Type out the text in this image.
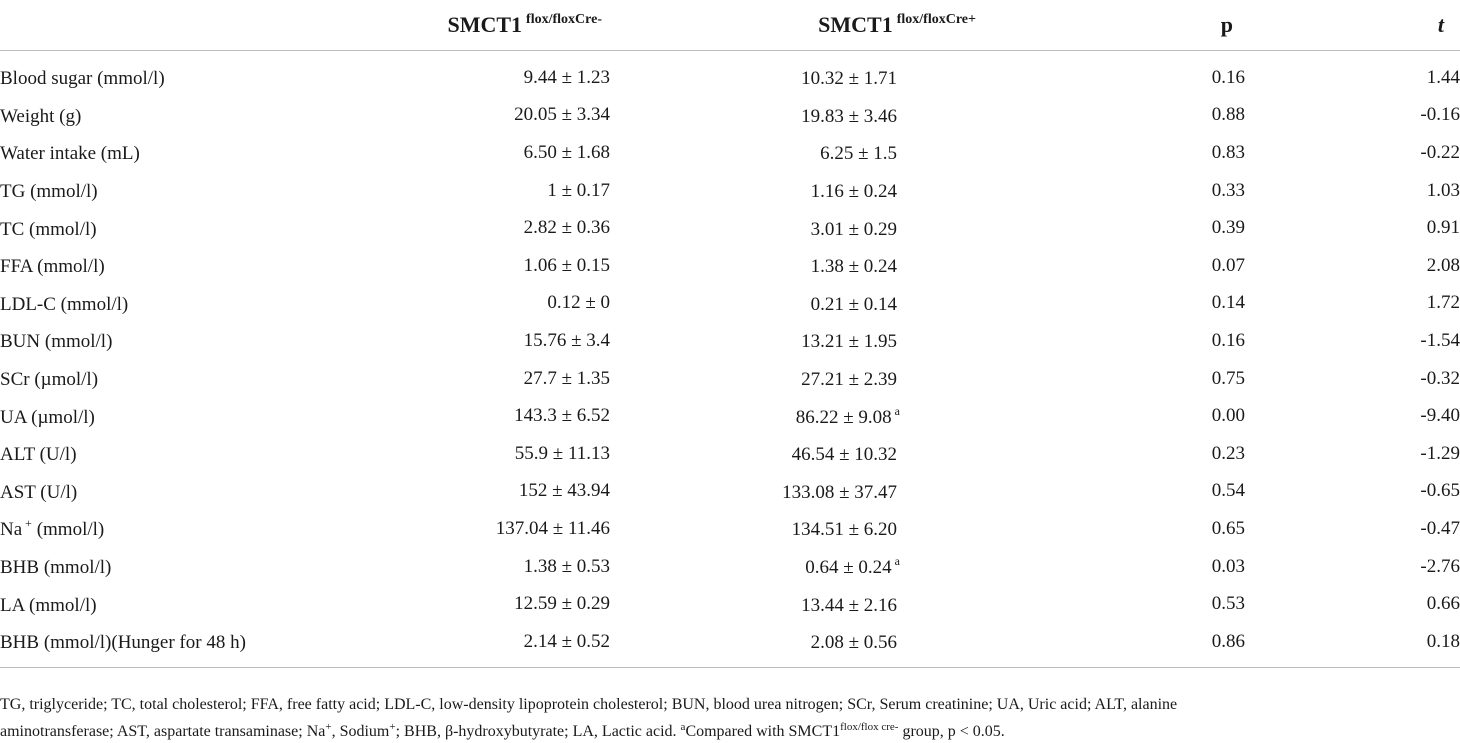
	SMCT1 $^{flox/floxCre-}$	SMCT1 $^{flox/floxCre+}$	p	t
Blood sugar (mmol/l)	9.44 ± 1.23	10.32 ± 1.71	0.16	1.44
Weight (g)	20.05 ± 3.34	19.83 ± 3.46	0.88	-0.16
Water intake (mL)	6.50 ± 1.68	6.25 ± 1.5	0.83	-0.22
TG (mmol/l)	1 ± 0.17	1.16 ± 0.24	0.33	1.03
TC (mmol/l)	2.82 ± 0.36	3.01 ± 0.29	0.39	0.91
FFA (mmol/l)	1.06 ± 0.15	1.38 ± 0.24	0.07	2.08
LDL-C (mmol/l)	0.12 ± 0	0.21 ± 0.14	0.14	1.72
BUN (mmol/l)	15.76 ± 3.4	13.21 ± 1.95	0.16	-1.54
SCr (µmol/l)	27.7 ± 1.35	27.21 ± 2.39	0.75	-0.32
UA (µmol/l)	143.3 ± 6.52	86.22 ± 9.08 $^a$	0.00	-9.40
ALT (U/l)	55.9 ± 11.13	46.54 ± 10.32	0.23	-1.29
AST (U/l)	152 ± 43.94	133.08 ± 37.47	0.54	-0.65
Na + (mmol/l)	137.04 ± 11.46	134.51 ± 6.20	0.65	-0.47
BHB (mmol/l)	1.38 ± 0.53	0.64 ± 0.24 $^a$	0.03	-2.76
LA (mmol/l)	12.59 ± 0.29	13.44 ± 2.16	0.53	0.66
BHB (mmol/l)(Hunger for 48 h)	2.14 ± 0.52	2.08 ± 0.56	0.86	0.18
TG, triglyceride; TC, total cholesterol; FFA, free fatty acid; LDL-C, low-density lipoprotein cholesterol; BUN, blood urea nitrogen; SCr, Serum creatinine; UA, Uric acid; ALT, alanine
aminotransferase; AST, aspartate transaminase; Na+, Sodium+; BHB, β-hydroxybutyrate; LA, Lactic acid. $^a$Compared with $SMCT1^{flox/flox cre-}$ group, p < 0.05.
